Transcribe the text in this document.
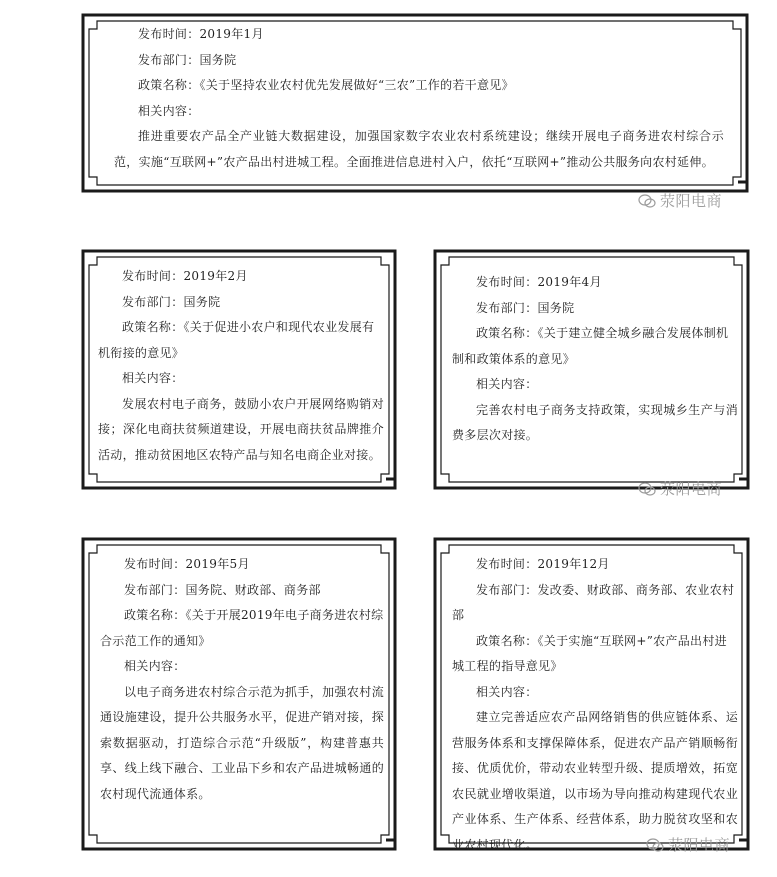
发布时间：2019年1月

发布部门：国务院

政策名称：《关于坚持农业农村优先发展做好“三农”工作的若干意见》

相关内容：

推进重要农产品全产业链大数据建设，加强国家数字农业农村系统建设；继续开展电子商务进农村综合示范，实施“互联网+”农产品出村进城工程。全面推进信息进村入户，依托“互联网+”推动公共服务向农村延伸。

发布时间：2019年2月

发布部门：国务院

政策名称：《关于促进小农户和现代农业发展有机衔接的意见》

相关内容：

发展农村电子商务，鼓励小农户开展网络购销对接；深化电商扶贫频道建设，开展电商扶贫品牌推介活动，推动贫困地区农特产品与知名电商企业对接。

发布时间：2019年4月

发布部门：国务院

政策名称：《关于建立健全城乡融合发展体制机制和政策体系的意见》

相关内容：

完善农村电子商务支持政策，实现城乡生产与消费多层次对接。

发布时间：2019年5月

发布部门：国务院、财政部、商务部

政策名称：《关于开展2019年电子商务进农村综合示范工作的通知》

相关内容：

以电子商务进农村综合示范为抓手，加强农村流通设施建设，提升公共服务水平，促进产销对接，探索数据驱动，打造综合示范“升级版”，构建普惠共享、线上线下融合、工业品下乡和农产品进城畅通的农村现代流通体系。

发布时间：2019年12月

发布部门：发改委、财政部、商务部、农业农村部

政策名称：《关于实施“互联网+”农产品出村进城工程的指导意见》

相关内容：

建立完善适应农产品网络销售的供应链体系、运营服务体系和支撑保障体系，促进农产品产销顺畅衔接、优质优价，带动农业转型升级、提质增效，拓宽农民就业增收渠道，以市场为导向推动构建现代农业产业体系、生产体系、经营体系，助力脱贫攻坚和农业农村现代化。

荥阳电商
荥阳电商
荥阳电商
